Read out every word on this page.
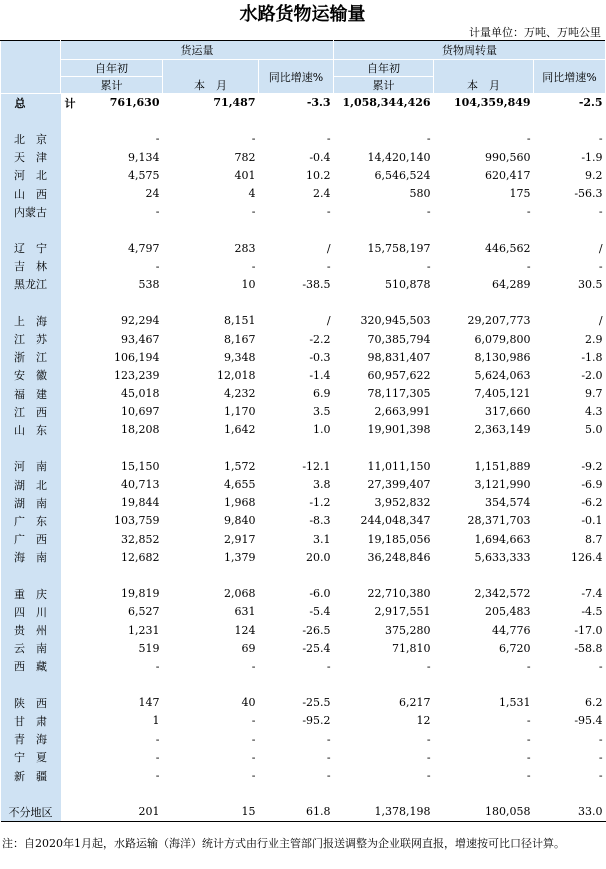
水路货物运输量
计量单位：万吨、万吨公里
	货运量			货物周转量		
	自年初	本　月	同比增速%	自年初	本　月	同比增速%
	累计			累计		
总　计	761,630	71,487	-3.3	1,058,344,426	104,359,849	-2.5

北　京	-	-	-	-	-	-
天　津	9,134	782	-0.4	14,420,140	990,560	-1.9
河　北	4,575	401	10.2	6,546,524	620,417	9.2
山　西	24	4	2.4	580	175	-56.3
内蒙古	-	-	-	-	-	-

辽　宁	4,797	283	/	15,758,197	446,562	/
吉　林	-	-	-	-	-	-
黑龙江	538	10	-38.5	510,878	64,289	30.5

上　海	92,294	8,151	/	320,945,503	29,207,773	/
江　苏	93,467	8,167	-2.2	70,385,794	6,079,800	2.9
浙　江	106,194	9,348	-0.3	98,831,407	8,130,986	-1.8
安　徽	123,239	12,018	-1.4	60,957,622	5,624,063	-2.0
福　建	45,018	4,232	6.9	78,117,305	7,405,121	9.7
江　西	10,697	1,170	3.5	2,663,991	317,660	4.3
山　东	18,208	1,642	1.0	19,901,398	2,363,149	5.0

河　南	15,150	1,572	-12.1	11,011,150	1,151,889	-9.2
湖　北	40,713	4,655	3.8	27,399,407	3,121,990	-6.9
湖　南	19,844	1,968	-1.2	3,952,832	354,574	-6.2
广　东	103,759	9,840	-8.3	244,048,347	28,371,703	-0.1
广　西	32,852	2,917	3.1	19,185,056	1,694,663	8.7
海　南	12,682	1,379	20.0	36,248,846	5,633,333	126.4

重　庆	19,819	2,068	-6.0	22,710,380	2,342,572	-7.4
四　川	6,527	631	-5.4	2,917,551	205,483	-4.5
贵　州	1,231	124	-26.5	375,280	44,776	-17.0
云　南	519	69	-25.4	71,810	6,720	-58.8
西　藏	-	-	-	-	-	-

陕　西	147	40	-25.5	6,217	1,531	6.2
甘　肃	1	-	-95.2	12	-	-95.4
青　海	-	-	-	-	-	-
宁　夏	-	-	-	-	-	-
新　疆	-	-	-	-	-	-

不分地区	201	15	61.8	1,378,198	180,058	33.0
注：自2020年1月起，水路运输（海洋）统计方式由行业主管部门报送调整为企业联网直报，增速按可比口径计算。
